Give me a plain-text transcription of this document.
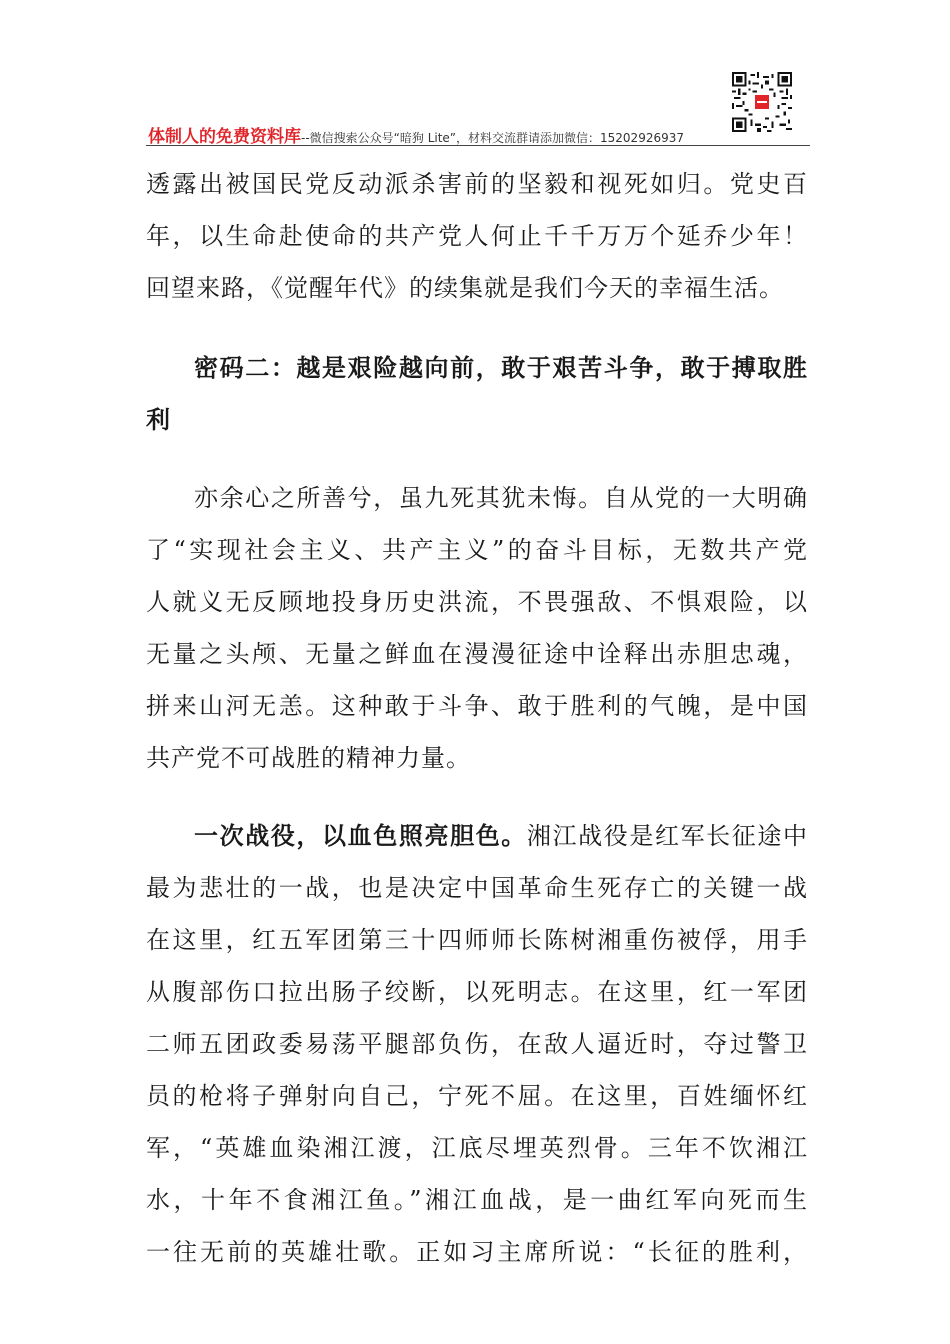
体制人的免费资料库--微信搜索公众号“暗狗 Lite”，材料交流群请添加微信：15202926937
透露出被国民党反动派杀害前的坚毅和视死如归。党史百
年，以生命赴使命的共产党人何止千千万万个延乔少年！
回望来路，《觉醒年代》的续集就是我们今天的幸福生活。
密码二：越是艰险越向前，敢于艰苦斗争，敢于搏取胜
利
亦余心之所善兮，虽九死其犹未悔。自从党的一大明确
了“实现社会主义、共产主义”的奋斗目标，无数共产党
人就义无反顾地投身历史洪流，不畏强敌、不惧艰险，以
无量之头颅、无量之鲜血在漫漫征途中诠释出赤胆忠魂，
拼来山河无恙。这种敢于斗争、敢于胜利的气魄，是中国
共产党不可战胜的精神力量。
一次战役，以血色照亮胆色。湘江战役是红军长征途中
最为悲壮的一战，也是决定中国革命生死存亡的关键一战
在这里，红五军团第三十四师师长陈树湘重伤被俘，用手
从腹部伤口拉出肠子绞断，以死明志。在这里，红一军团
二师五团政委易荡平腿部负伤，在敌人逼近时，夺过警卫
员的枪将子弹射向自己，宁死不屈。在这里，百姓缅怀红
军，“英雄血染湘江渡，江底尽埋英烈骨。三年不饮湘江
水，十年不食湘江鱼。”湘江血战，是一曲红军向死而生
一往无前的英雄壮歌。正如习主席所说：“长征的胜利，
